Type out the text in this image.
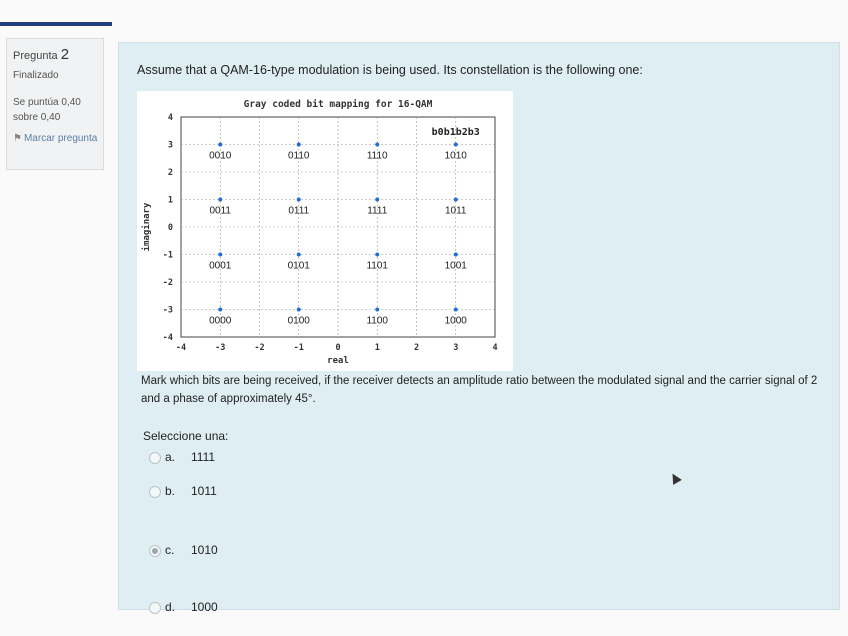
Pregunta 2
Finalizado
Se puntúa 0,40 sobre 0,40
⚑ Marcar pregunta
Assume that a QAM-16-type modulation is being used. Its constellation is the following one:
Gray coded bit mapping for 16-QAM
-4	-3	-2	-1	0	1	2	3	4
4
3
2
1
0
-1
-2
-3
-4
real
imaginary
b0b1b2b3
0010	0110	1110	1010
0011	0111	1111	1011
0001	0101	1101	1001
0000	0100	1100	1000
Mark which bits are being received, if the receiver detects an amplitude ratio between the modulated signal and the carrier signal of 2 and a phase of approximately 45°.
Seleccione una:
a. 1111
b. 1011
c. 1010
d. 1000
